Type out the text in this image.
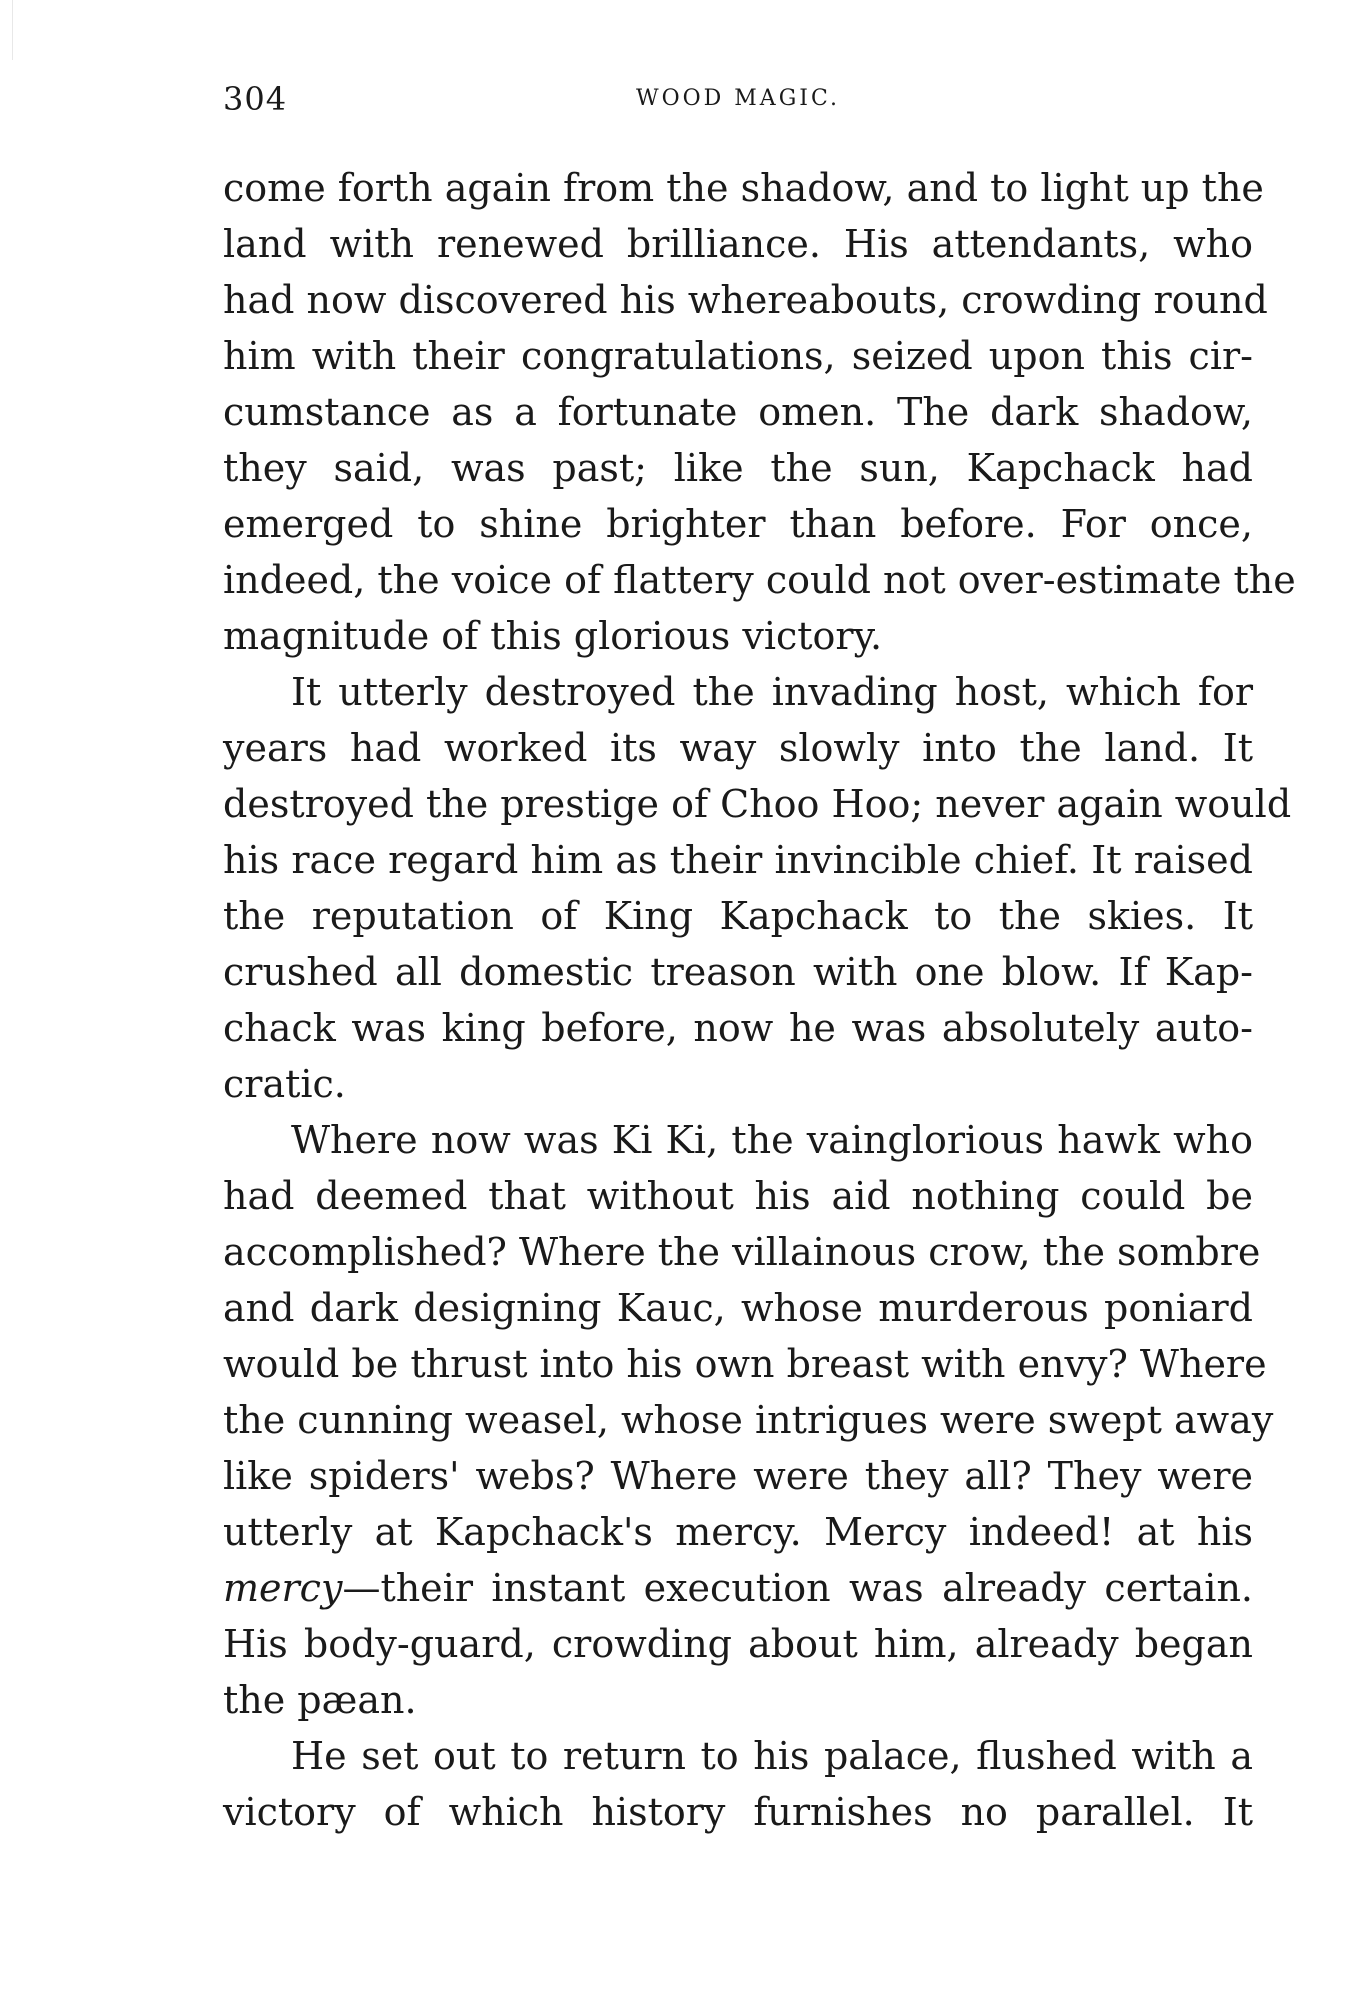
304	WOOD MAGIC.
come forth again from the shadow, and to light up the
land with renewed brilliance. His attendants, who
had now discovered his whereabouts, crowding round
him with their congratulations, seized upon this cir-
cumstance as a fortunate omen. The dark shadow,
they said, was past; like the sun, Kapchack had
emerged to shine brighter than before. For once,
indeed, the voice of flattery could not over-estimate the
magnitude of this glorious victory.
It utterly destroyed the invading host, which for
years had worked its way slowly into the land. It
destroyed the prestige of Choo Hoo; never again would
his race regard him as their invincible chief. It raised
the reputation of King Kapchack to the skies. It
crushed all domestic treason with one blow. If Kap-
chack was king before, now he was absolutely auto-
cratic.
Where now was Ki Ki, the vainglorious hawk who
had deemed that without his aid nothing could be
accomplished? Where the villainous crow, the sombre
and dark designing Kauc, whose murderous poniard
would be thrust into his own breast with envy? Where
the cunning weasel, whose intrigues were swept away
like spiders' webs? Where were they all? They were
utterly at Kapchack's mercy. Mercy indeed! at his
mercy—their instant execution was already certain.
His body-guard, crowding about him, already began
the pæan.
He set out to return to his palace, flushed with a
victory of which history furnishes no parallel. It
